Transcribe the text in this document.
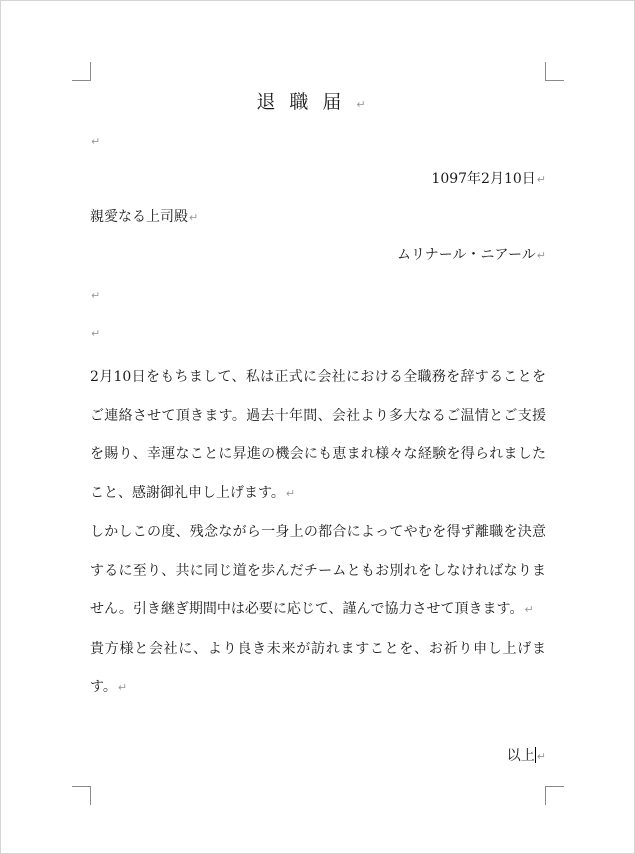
退職届↵
↵
1097年2月10日↵
親愛なる上司殿↵
ムリナール・ニアール↵
↵
↵

2月10日をもちまして、私は正式に会社における全職務を辞することをご連絡させて頂きます。過去十年間、会社より多大なるご温情とご支援を賜り、幸運なことに昇進の機会にも恵まれ様々な経験を得られましたこと、感謝御礼申し上げます。↵

しかしこの度、残念ながら一身上の都合によってやむを得ず離職を決意するに至り、共に同じ道を歩んだチームともお別れをしなければなりません。引き継ぎ期間中は必要に応じて、謹んで協力させて頂きます。↵

貴方様と会社に、より良き未来が訪れますことを、お祈り申し上げます。↵

以上 ↵
